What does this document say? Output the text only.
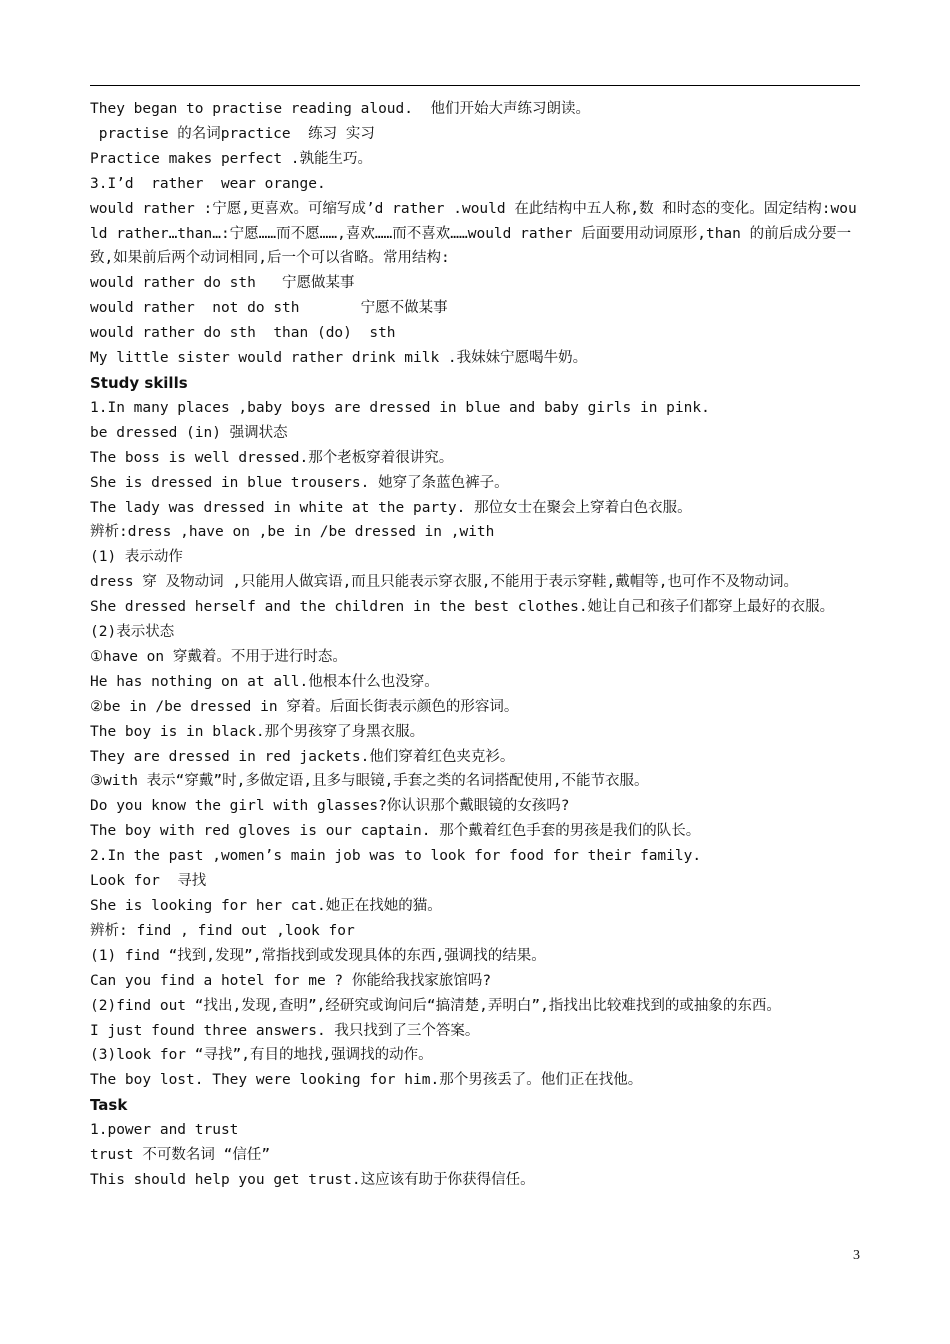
They began to practise reading aloud.  他们开始大声练习朗读。
practise 的名词practice  练习 实习
Practice makes perfect .孰能生巧。
3.I’d  rather  wear orange.
would rather :宁愿,更喜欢。可缩写成’d rather .would 在此结构中五人称,数 和时态的变化。固定结构:would rather…than…:宁愿……而不愿……,喜欢……而不喜欢……would rather 后面要用动词原形,than 的前后成分要一致,如果前后两个动词相同,后一个可以省略。常用结构:
would rather do sth   宁愿做某事
would rather  not do sth       宁愿不做某事
would rather do sth  than (do)  sth
My little sister would rather drink milk .我妹妹宁愿喝牛奶。
Study skills
1.In many places ,baby boys are dressed in blue and baby girls in pink.
be dressed (in) 强调状态
The boss is well dressed.那个老板穿着很讲究。
She is dressed in blue trousers. 她穿了条蓝色裤子。
The lady was dressed in white at the party. 那位女士在聚会上穿着白色衣服。
辨析:dress ,have on ,be in /be dressed in ,with
(1) 表示动作
dress 穿 及物动词 ,只能用人做宾语,而且只能表示穿衣服,不能用于表示穿鞋,戴帽等,也可作不及物动词。
She dressed herself and the children in the best clothes.她让自己和孩子们都穿上最好的衣服。
(2)表示状态
①have on 穿戴着。不用于进行时态。
He has nothing on at all.他根本什么也没穿。
②be in /be dressed in 穿着。后面长街表示颜色的形容词。
The boy is in black.那个男孩穿了身黑衣服。
They are dressed in red jackets.他们穿着红色夹克衫。
③with 表示“穿戴”时,多做定语,且多与眼镜,手套之类的名词搭配使用,不能节衣服。
Do you know the girl with glasses?你认识那个戴眼镜的女孩吗?
The boy with red gloves is our captain. 那个戴着红色手套的男孩是我们的队长。
2.In the past ,women’s main job was to look for food for their family.
Look for  寻找
She is looking for her cat.她正在找她的猫。
辨析: find , find out ,look for
(1) find “找到,发现”,常指找到或发现具体的东西,强调找的结果。
Can you find a hotel for me ? 你能给我找家旅馆吗?
(2)find out “找出,发现,查明”,经研究或询问后“搞清楚,弄明白”,指找出比较难找到的或抽象的东西。
I just found three answers. 我只找到了三个答案。
(3)look for “寻找”,有目的地找,强调找的动作。
The boy lost. They were looking for him.那个男孩丢了。他们正在找他。
Task
1.power and trust
trust 不可数名词 “信任”
This should help you get trust.这应该有助于你获得信任。
3
